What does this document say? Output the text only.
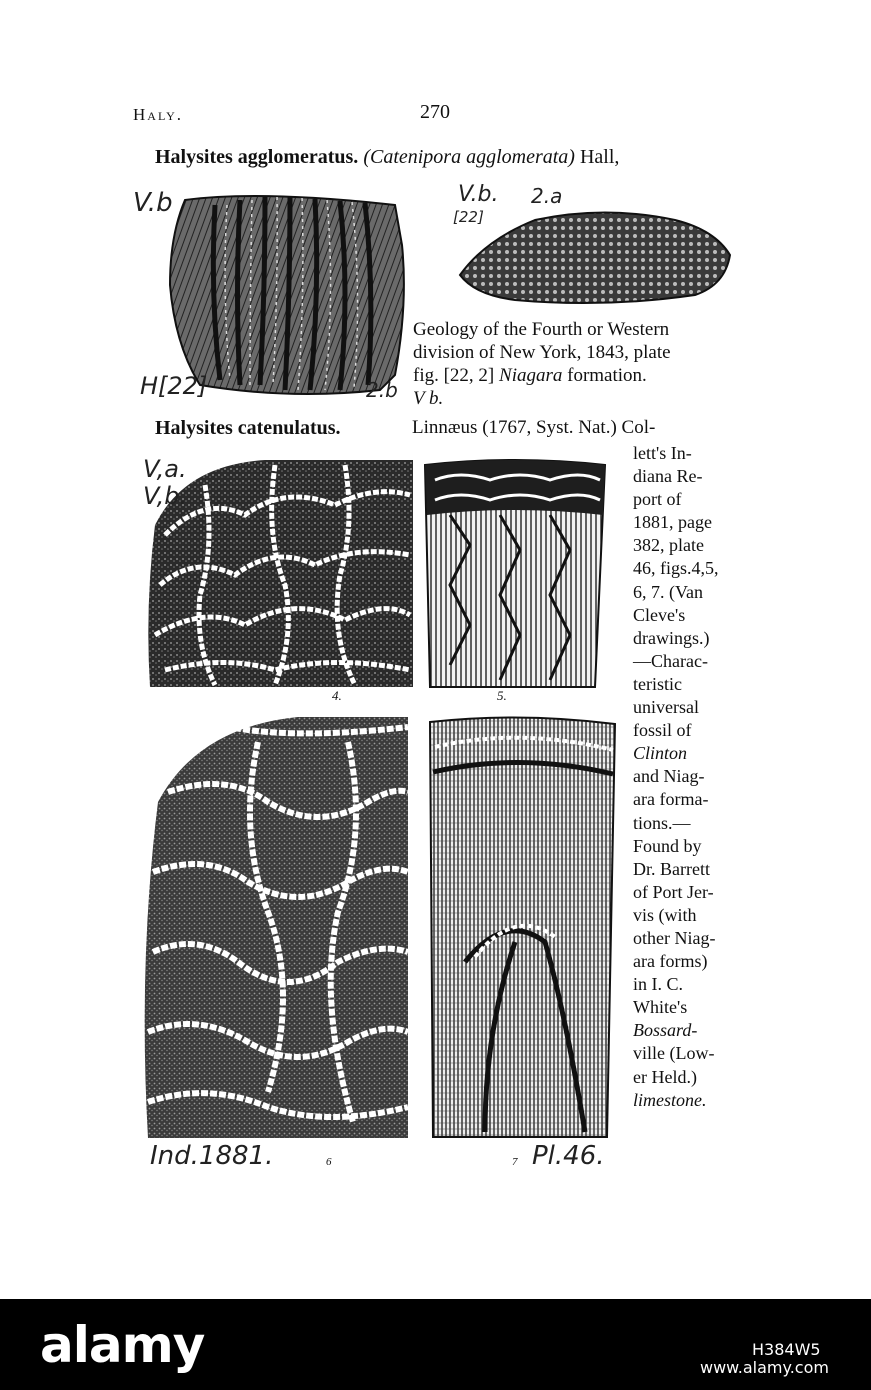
Haly.	270
Halysites agglomeratus. (Catenipora agglomerata) Hall,
V.b
H[22]	2.b
V.b. 2.a
[22]
Geology of the Fourth or Western
division of New York, 1843, plate
fig. [22, 2] Niagara formation.
V b.
Halysites catenulatus.	Linnæus (1767, Syst. Nat.) Col-
V,a.
V,b.
4.	5.
Ind.1881.	6	7 Pl.46.
lett's In-
diana Re-
port of
1881, page
382, plate
46, figs.4,5,
6, 7. (Van
Cleve's
drawings.)
—Charac-
teristic
universal
fossil of
Clinton
and Niag-
ara forma-
tions.—
Found by
Dr. Barrett
of Port Jer-
vis (with
other Niag-
ara forms)
in I. C.
White's
Bossard-
ville (Low-
er Held.)
limestone.
alamy	H384W5
www.alamy.com
